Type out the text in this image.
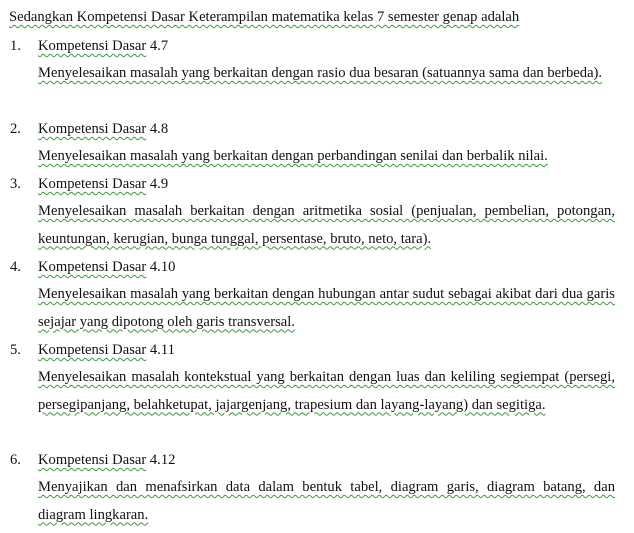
Sedangkan Kompetensi Dasar Keterampilan matematika kelas 7 semester genap adalah
1. Kompetensi Dasar 4.7
Menyelesaikan masalah yang berkaitan dengan rasio dua besaran (satuannya sama dan berbeda).
2. Kompetensi Dasar 4.8
Menyelesaikan masalah yang berkaitan dengan perbandingan senilai dan berbalik nilai.
3. Kompetensi Dasar 4.9
Menyelesaikan masalah berkaitan dengan aritmetika sosial (penjualan, pembelian, potongan, keuntungan, kerugian, bunga tunggal, persentase, bruto, neto, tara).
4. Kompetensi Dasar 4.10
Menyelesaikan masalah yang berkaitan dengan hubungan antar sudut sebagai akibat dari dua garis sejajar yang dipotong oleh garis transversal.
5. Kompetensi Dasar 4.11
Menyelesaikan masalah kontekstual yang berkaitan dengan luas dan keliling segiempat (persegi, persegipanjang, belahketupat, jajargenjang, trapesium dan layang-layang) dan segitiga.
6. Kompetensi Dasar 4.12
Menyajikan dan menafsirkan data dalam bentuk tabel, diagram garis, diagram batang, dan diagram lingkaran.
